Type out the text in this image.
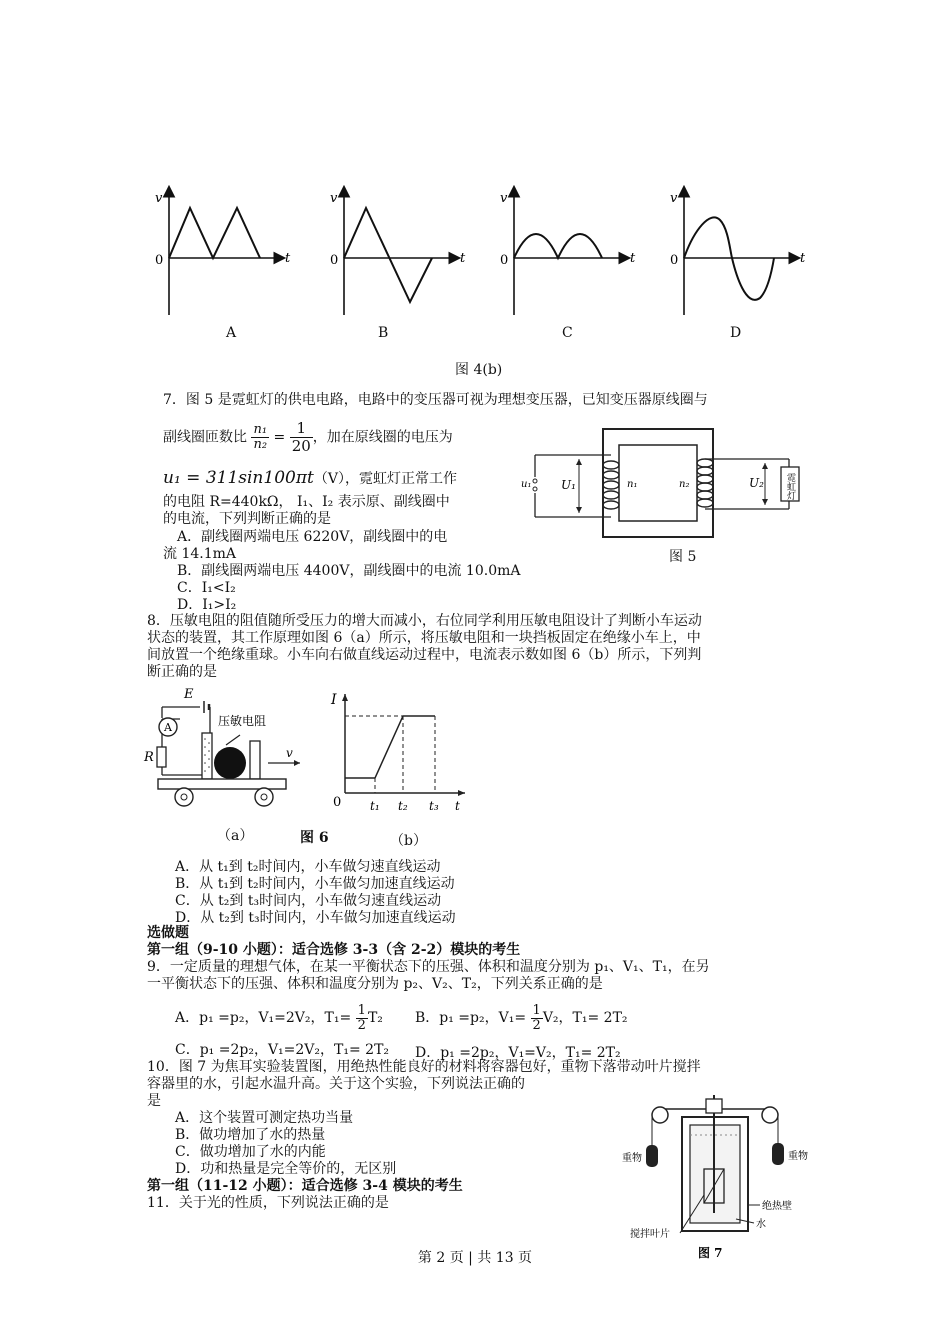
v
0	t
v
0	t
v
0	t
v
0	t
A	B	C	D
图 4(b)
7．图 5 是霓虹灯的供电电路，电路中的变压器可视为理想变压器，已知变压器原线圈与
副线圈匝数比 $\frac{\text{n₁}}{\text{n₂}} = \frac{1}{20}$ ，加在原线圈的电压为
u₁ = 311sin100πt（V），霓虹灯正常工作
的电阻 R=440kΩ， I₁、I₂ 表示原、副线圈中
的电流，下列判断正确的是
A．副线圈两端电压 6220V，副线圈中的电
流 14.1mA
B．副线圈两端电压 4400V，副线圈中的电流 10.0mA
C．I₁<I₂
D．I₁>I₂
u₁ U₁	n₁	n₂	U₂ 霓虹灯
图 5
8．压敏电阻的阻值随所受压力的增大而减小，右位同学利用压敏电阻设计了判断小车运动
状态的装置，其工作原理如图 6（a）所示，将压敏电阻和一块挡板固定在绝缘小车上，中
间放置一个绝缘重球。小车向右做直线运动过程中，电流表示数如图 6（b）所示，下列判
断正确的是
E
A
R
压敏电阻
v
I
0 t₁ t₂ t₃ t
（a）	图 6	（b）
A．从 t₁到 t₂时间内，小车做匀速直线运动
B．从 t₁到 t₂时间内，小车做匀加速直线运动
C．从 t₂到 t₃时间内，小车做匀速直线运动
D．从 t₂到 t₃时间内，小车做匀加速直线运动
选做题
第一组（9-10 小题）：适合选修 3-3（含 2-2）模块的考生
9．一定质量的理想气体，在某一平衡状态下的压强、体积和温度分别为 p₁、V₁、T₁，在另
一平衡状态下的压强、体积和温度分别为 p₂、V₂、T₂，下列关系正确的是
A．p₁ =p₂，V₁=2V₂，$T_1= \frac{1}{2} T_2$ B．p₁ =p₂，$V_1= \frac{1}{2} V_2$，T₁= 2T₂
C．p₁ =2p₂，V₁=2V₂，T₁= 2T₂ D．p₁ =2p₂，V₁=V₂，T₁= 2T₂
10．图 7 为焦耳实验装置图，用绝热性能良好的材料将容器包好，重物下落带动叶片搅拌
容器里的水，引起水温升高。关于这个实验，下列说法正确的
是
A．这个装置可测定热功当量
B．做功增加了水的热量
C．做功增加了水的内能
D．功和热量是完全等价的，无区别
重物	重物
绝热壁
水
搅拌叶片
图 7
第一组（11-12 小题）：适合选修 3-4 模块的考生
11．关于光的性质，下列说法正确的是
第 2 页 | 共 13 页
